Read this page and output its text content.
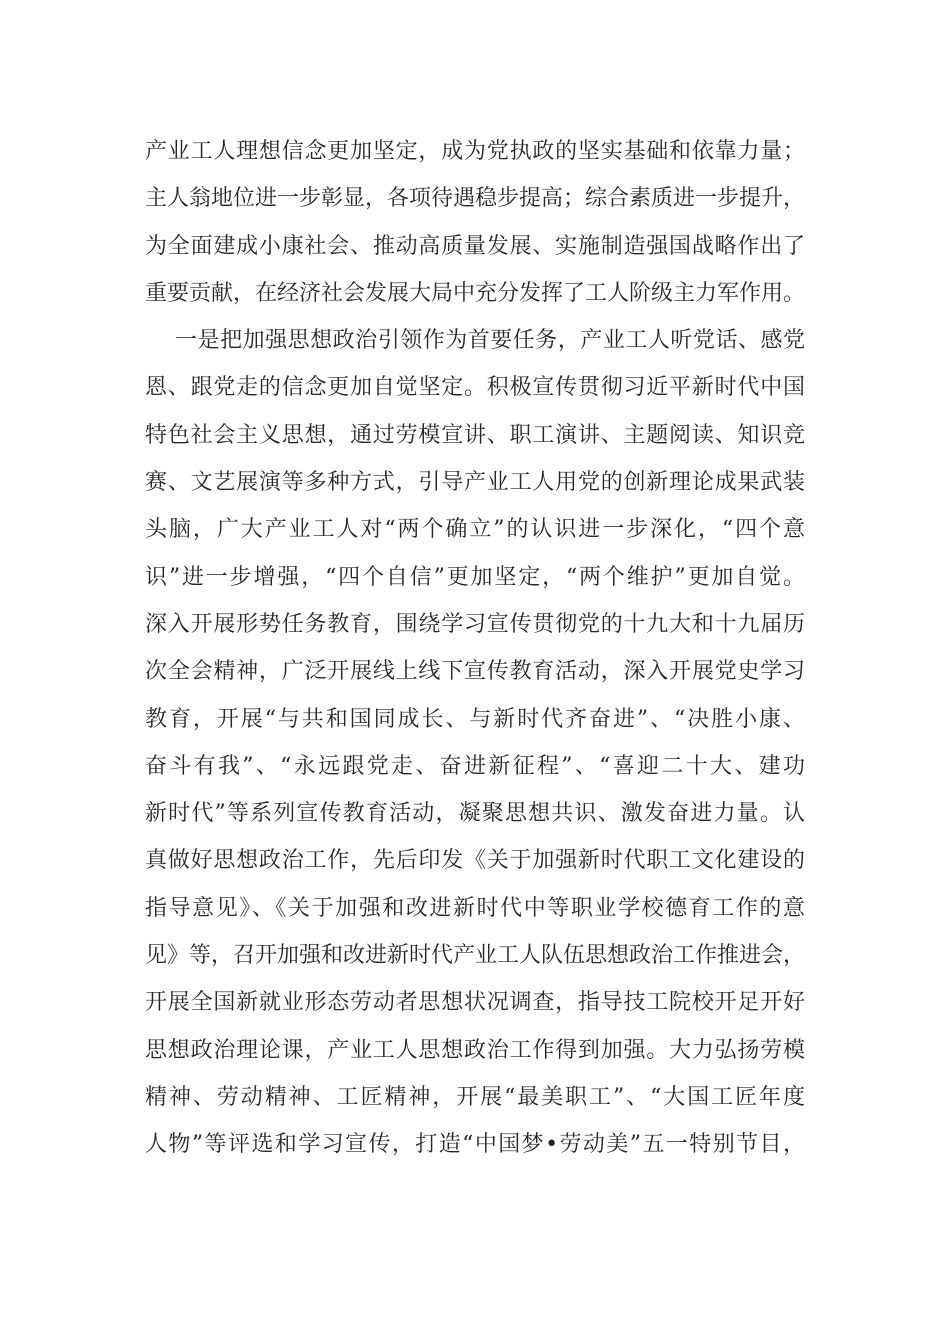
产业工人理想信念更加坚定，成为党执政的坚实基础和依靠力量；
主人翁地位进一步彰显，各项待遇稳步提高；综合素质进一步提升，
为全面建成小康社会、推动高质量发展、实施制造强国战略作出了
重要贡献，在经济社会发展大局中充分发挥了工人阶级主力军作用。
一是把加强思想政治引领作为首要任务，产业工人听党话、感党
恩、跟党走的信念更加自觉坚定。积极宣传贯彻习近平新时代中国
特色社会主义思想，通过劳模宣讲、职工演讲、主题阅读、知识竞
赛、文艺展演等多种方式，引导产业工人用党的创新理论成果武装
头脑，广大产业工人对“两个确立”的认识进一步深化，“四个意
识”进一步增强，“四个自信”更加坚定，“两个维护”更加自觉。
深入开展形势任务教育，围绕学习宣传贯彻党的十九大和十九届历
次全会精神，广泛开展线上线下宣传教育活动，深入开展党史学习
教育，开展“与共和国同成长、与新时代齐奋进”、“决胜小康、
奋斗有我”、“永远跟党走、奋进新征程”、“喜迎二十大、建功
新时代”等系列宣传教育活动，凝聚思想共识、激发奋进力量。认
真做好思想政治工作，先后印发《关于加强新时代职工文化建设的
指导意见》、《关于加强和改进新时代中等职业学校德育工作的意
见》等，召开加强和改进新时代产业工人队伍思想政治工作推进会，
开展全国新就业形态劳动者思想状况调查，指导技工院校开足开好
思想政治理论课，产业工人思想政治工作得到加强。大力弘扬劳模
精神、劳动精神、工匠精神，开展“最美职工”、“大国工匠年度
人物”等评选和学习宣传，打造“中国梦•劳动美”五一特别节目，
